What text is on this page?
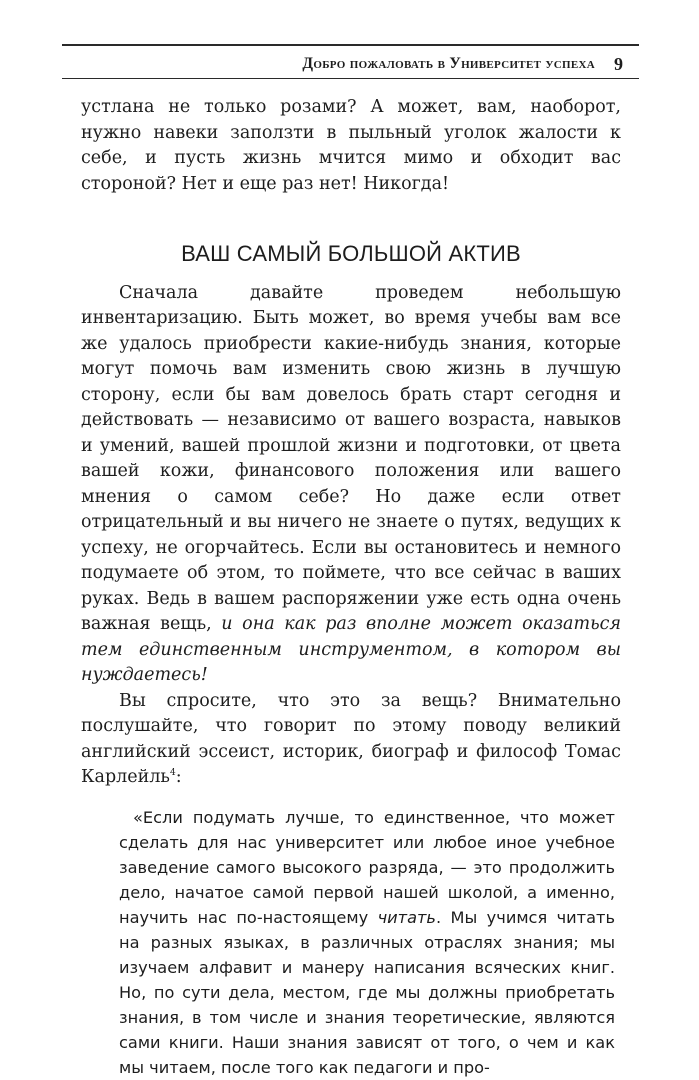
Добро пожаловать в Университет успеха 9

устлана не только розами? А может, вам, наоборот, нужно навеки заползти в пыльный уголок жалости к себе, и пусть жизнь мчится мимо и обходит вас стороной? Нет и еще раз нет! Никогда!

ВАШ САМЫЙ БОЛЬШОЙ АКТИВ

Сначала давайте проведем небольшую инвентаризацию. Быть может, во время учебы вам все же удалось приобрести какие-нибудь знания, которые могут помочь вам изменить свою жизнь в лучшую сторону, если бы вам довелось брать старт сегодня и действовать — независимо от вашего возраста, навыков и умений, вашей прошлой жизни и подготовки, от цвета вашей кожи, финансового положения или вашего мнения о самом себе? Но даже если ответ отрицательный и вы ничего не знаете о путях, ведущих к успеху, не огорчайтесь. Если вы остановитесь и немного подумаете об этом, то поймете, что все сейчас в ваших руках. Ведь в вашем распоряжении уже есть одна очень важная вещь, и она как раз вполне может оказаться тем единственным инструментом, в котором вы нуждаетесь!

Вы спросите, что это за вещь? Внимательно послушайте, что говорит по этому поводу великий английский эссеист, историк, биограф и философ Томас Карлейль$^4$:

«Если подумать лучше, то единственное, что может сделать для нас университет или любое иное учебное заведение самого высокого разряда, — это продолжить дело, начатое самой первой нашей школой, а именно, научить нас по-настоящему читать. Мы учимся читать на разных языках, в различных отраслях знания; мы изучаем алфавит и манеру написания всяческих книг. Но, по сути дела, местом, где мы должны приобретать знания, в том числе и знания теоретические, являются сами книги. Наши знания зависят от того, о чем и как мы читаем, после того как педагоги и про-
